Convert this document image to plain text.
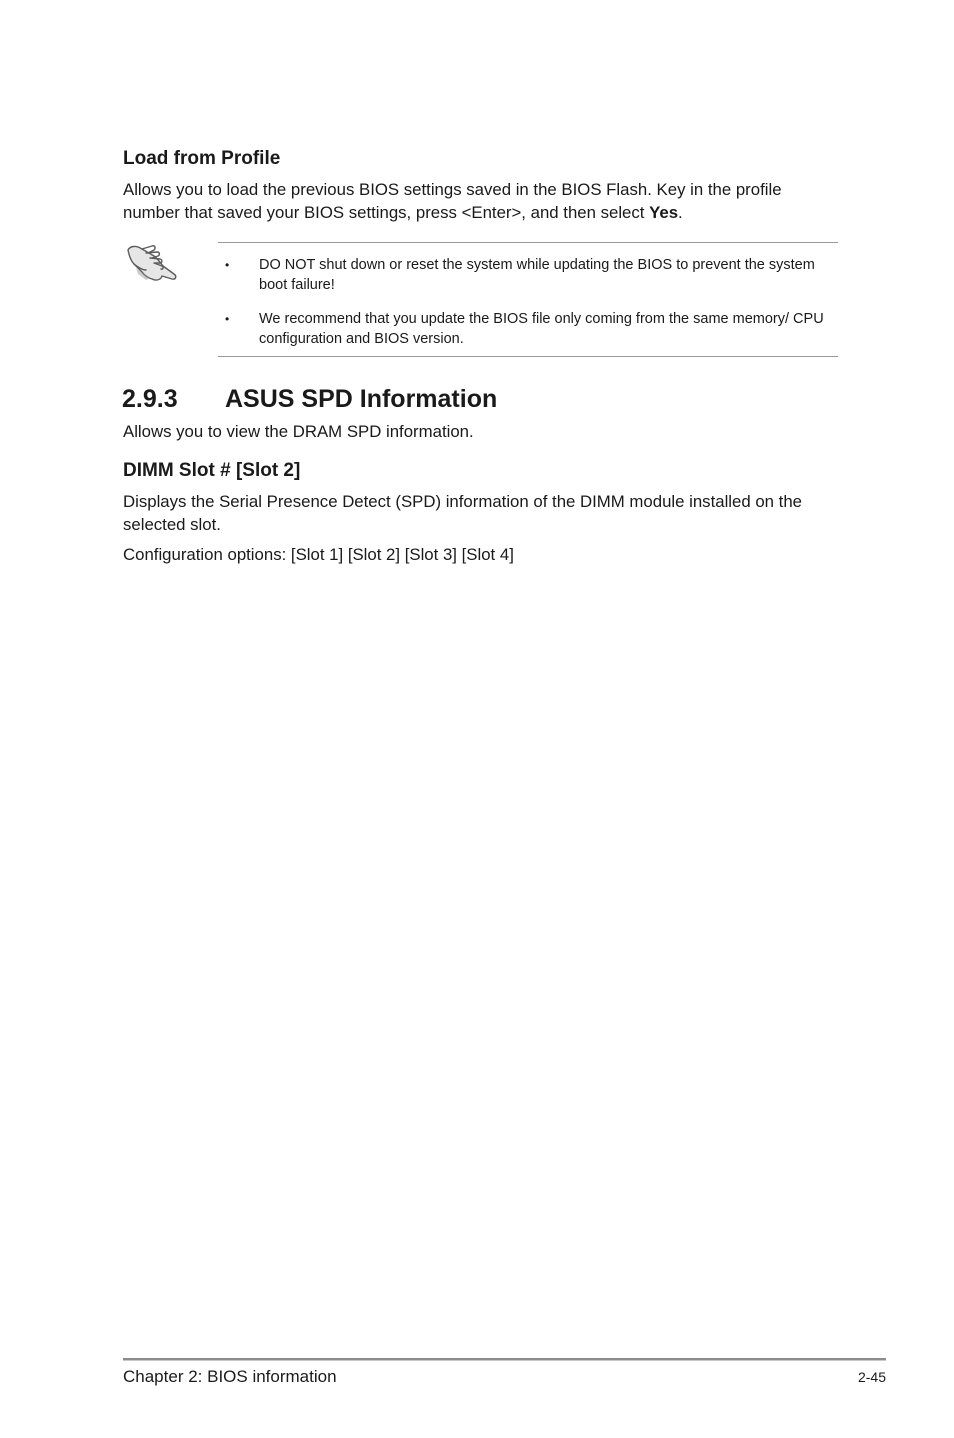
Load from Profile

Allows you to load the previous BIOS settings saved in the BIOS Flash. Key in the profile number that saved your BIOS settings, press <Enter>, and then select Yes.

• DO NOT shut down or reset the system while updating the BIOS to prevent the system boot failure!
• We recommend that you update the BIOS file only coming from the same memory/ CPU configuration and BIOS version.
2.9.3 ASUS SPD Information

Allows you to view the DRAM SPD information.

DIMM Slot # [Slot 2]

Displays the Serial Presence Detect (SPD) information of the DIMM module installed on the selected slot.

Configuration options: [Slot 1] [Slot 2] [Slot 3] [Slot 4]

Chapter 2: BIOS information	2-45
